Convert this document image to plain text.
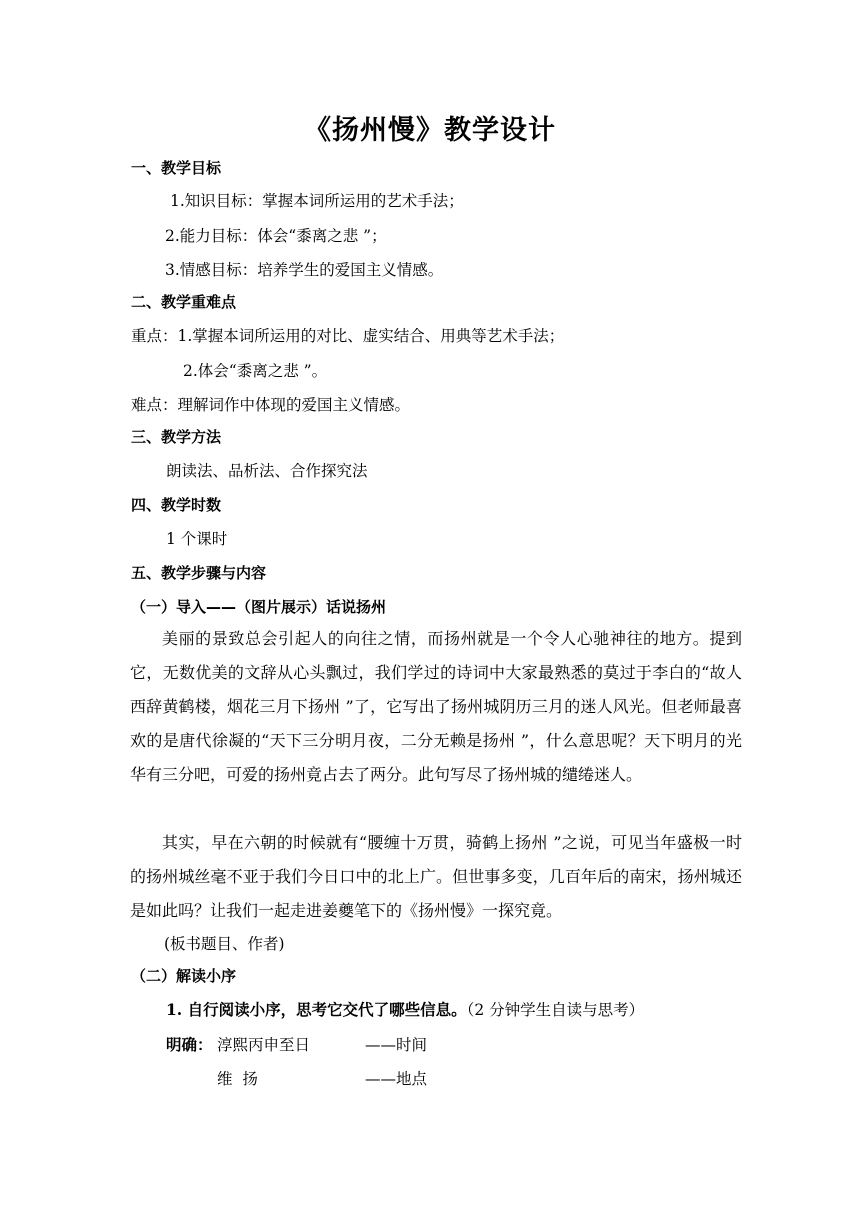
《扬州慢》教学设计
一、教学目标
1.知识目标：掌握本词所运用的艺术手法；
2.能力目标：体会“黍离之悲 ”；
3.情感目标：培养学生的爱国主义情感。
二、教学重难点
重点：1.掌握本词所运用的对比、虚实结合、用典等艺术手法；
2.体会“黍离之悲 ”。
难点：理解词作中体现的爱国主义情感。
三、教学方法
朗读法、品析法、合作探究法
四、教学时数
1 个课时
五、教学步骤与内容
（一）导入——（图片展示）话说扬州
美丽的景致总会引起人的向往之情，而扬州就是一个令人心驰神往的地方。提到它，无数优美的文辞从心头飘过，我们学过的诗词中大家最熟悉的莫过于李白的“故人西辞黄鹤楼，烟花三月下扬州 ”了，它写出了扬州城阴历三月的迷人风光。但老师最喜欢的是唐代徐凝的“天下三分明月夜，二分无赖是扬州 ”，什么意思呢？天下明月的光华有三分吧，可爱的扬州竟占去了两分。此句写尽了扬州城的缱绻迷人。
其实，早在六朝的时候就有“腰缠十万贯，骑鹤上扬州 ”之说，可见当年盛极一时的扬州城丝毫不亚于我们今日口中的北上广。但世事多变，几百年后的南宋，扬州城还是如此吗？让我们一起走进姜夔笔下的《扬州慢》一探究竟。
(板书题目、作者)
（二）解读小序
1. 自行阅读小序，思考它交代了哪些信息。（2 分钟学生自读与思考）
明确： 淳熙丙申至日	——时间
维  扬	——地点
